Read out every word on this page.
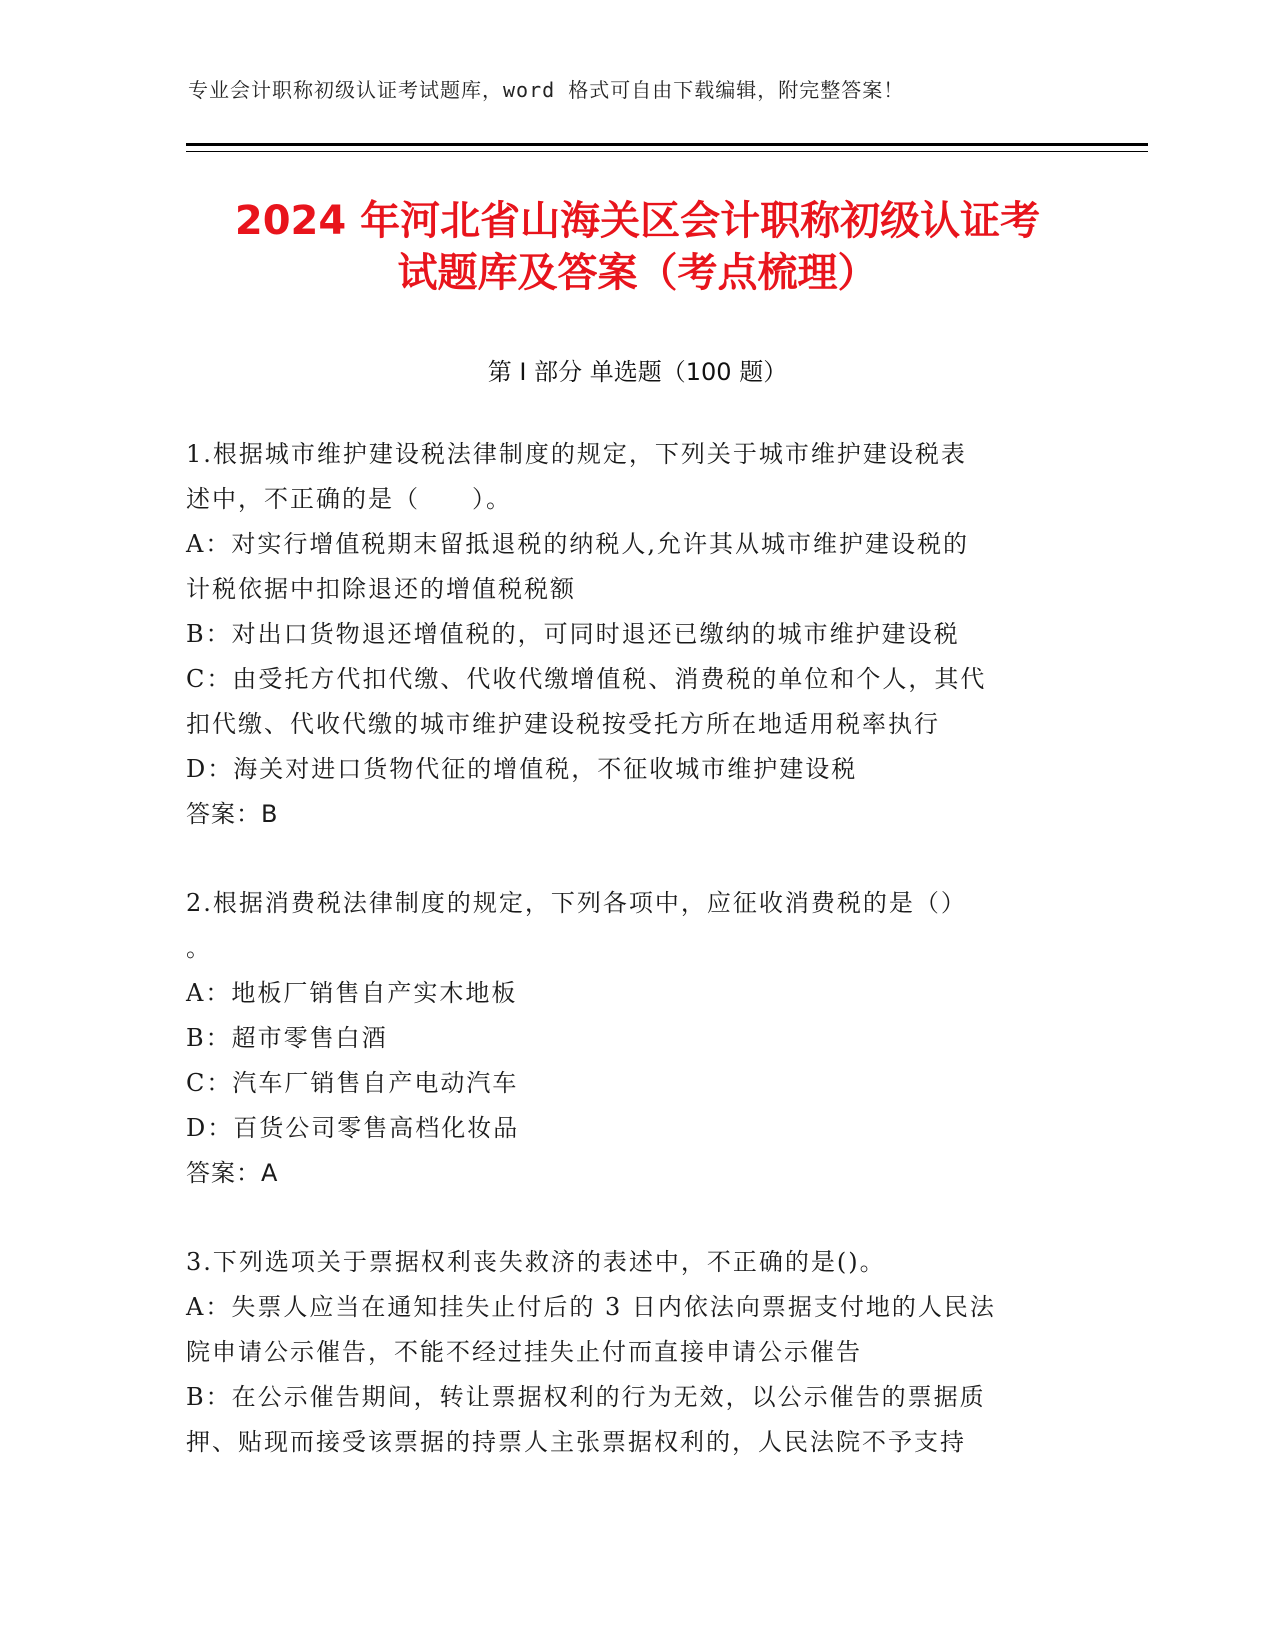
专业会计职称初级认证考试题库，word 格式可自由下载编辑，附完整答案！
2024 年河北省山海关区会计职称初级认证考
试题库及答案（考点梳理）
第 I 部分 单选题（100 题）
1.根据城市维护建设税法律制度的规定，下列关于城市维护建设税表
述中，不正确的是（　　）。
A：对实行增值税期末留抵退税的纳税人,允许其从城市维护建设税的
计税依据中扣除退还的增值税税额
B：对出口货物退还增值税的，可同时退还已缴纳的城市维护建设税
C：由受托方代扣代缴、代收代缴增值税、消费税的单位和个人，其代
扣代缴、代收代缴的城市维护建设税按受托方所在地适用税率执行
D：海关对进口货物代征的增值税，不征收城市维护建设税
答案：B
2.根据消费税法律制度的规定，下列各项中，应征收消费税的是（）
。
A：地板厂销售自产实木地板
B：超市零售白酒
C：汽车厂销售自产电动汽车
D：百货公司零售高档化妆品
答案：A
3.下列选项关于票据权利丧失救济的表述中，不正确的是()。
A：失票人应当在通知挂失止付后的 3 日内依法向票据支付地的人民法
院申请公示催告，不能不经过挂失止付而直接申请公示催告
B：在公示催告期间，转让票据权利的行为无效，以公示催告的票据质
押、贴现而接受该票据的持票人主张票据权利的，人民法院不予支持
